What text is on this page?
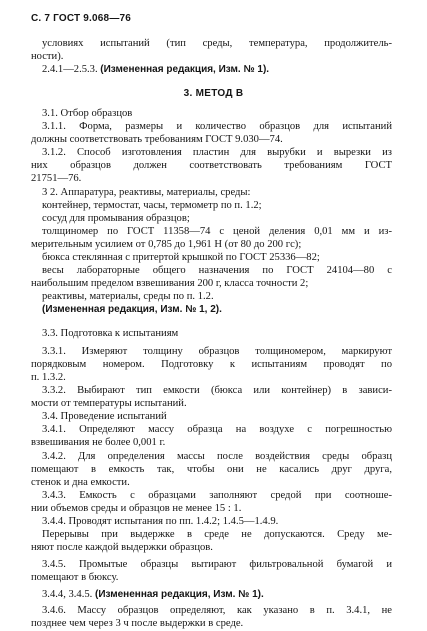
С. 7 ГОСТ 9.068—76
условиях испытаний (тип среды, температура, продолжитель-
ности).
2.4.1—2.5.3. (Измененная редакция, Изм. № 1).
3. МЕТОД В
3.1. Отбор образцов
3.1.1. Форма, размеры и количество образцов для испытаний
должны соответствовать требованиям ГОСТ 9.030—74.
3.1.2. Способ изготовления пластин для вырубки и вырезки из
них образцов должен соответствовать требованиям ГОСТ
21751—76.
3 2. Аппаратура, реактивы, материалы, среды:
контейнер, термостат, часы, термометр по п. 1.2;
сосуд для промывания образцов;
толщиномер по ГОСТ 11358—74 с ценой деления 0,01 мм и из-
мерительным усилием от 0,785 до 1,961 Н (от 80 до 200 гс);
бюкса стеклянная с притертой крышкой по ГОСТ 25336—82;
весы лабораторные общего назначения по ГОСТ 24104—80 с
наибольшим пределом взвешивания 200 г, класса точности 2;
реактивы, материалы, среды по п. 1.2.
(Измененная редакция, Изм. № 1, 2).
3.3. Подготовка к испытаниям
3.3.1. Измеряют толщину образцов толщиномером, маркируют
порядковым номером. Подготовку к испытаниям проводят по
п. 1.3.2.
3.3.2. Выбирают тип емкости (бюкса или контейнер) в зависи-
мости от температуры испытаний.
3.4. Проведение испытаний
3.4.1. Определяют массу образца на воздухе с погрешностью
взвешивания не более 0,001 г.
3.4.2. Для определения массы после воздействия среды образц
помещают в емкость так, чтобы они не касались друг друга,
стенок и дна емкости.
3.4.3. Емкость с образцами заполняют средой при соотноше-
нии объемов среды и образцов не менее 15 : 1.
3.4.4. Проводят испытания по пп. 1.4.2; 1.4.5—1.4.9.
Перерывы при выдержке в среде не допускаются. Среду ме-
няют после каждой выдержки образцов.
3.4.5. Промытые образцы вытирают фильтровальной бумагой и
помещают в бюксу.
3.4.4, 3.4.5. (Измененная редакция, Изм. № 1).
3.4.6. Массу образцов определяют, как указано в п. 3.4.1, не
позднее чем через 3 ч после выдержки в среде.
